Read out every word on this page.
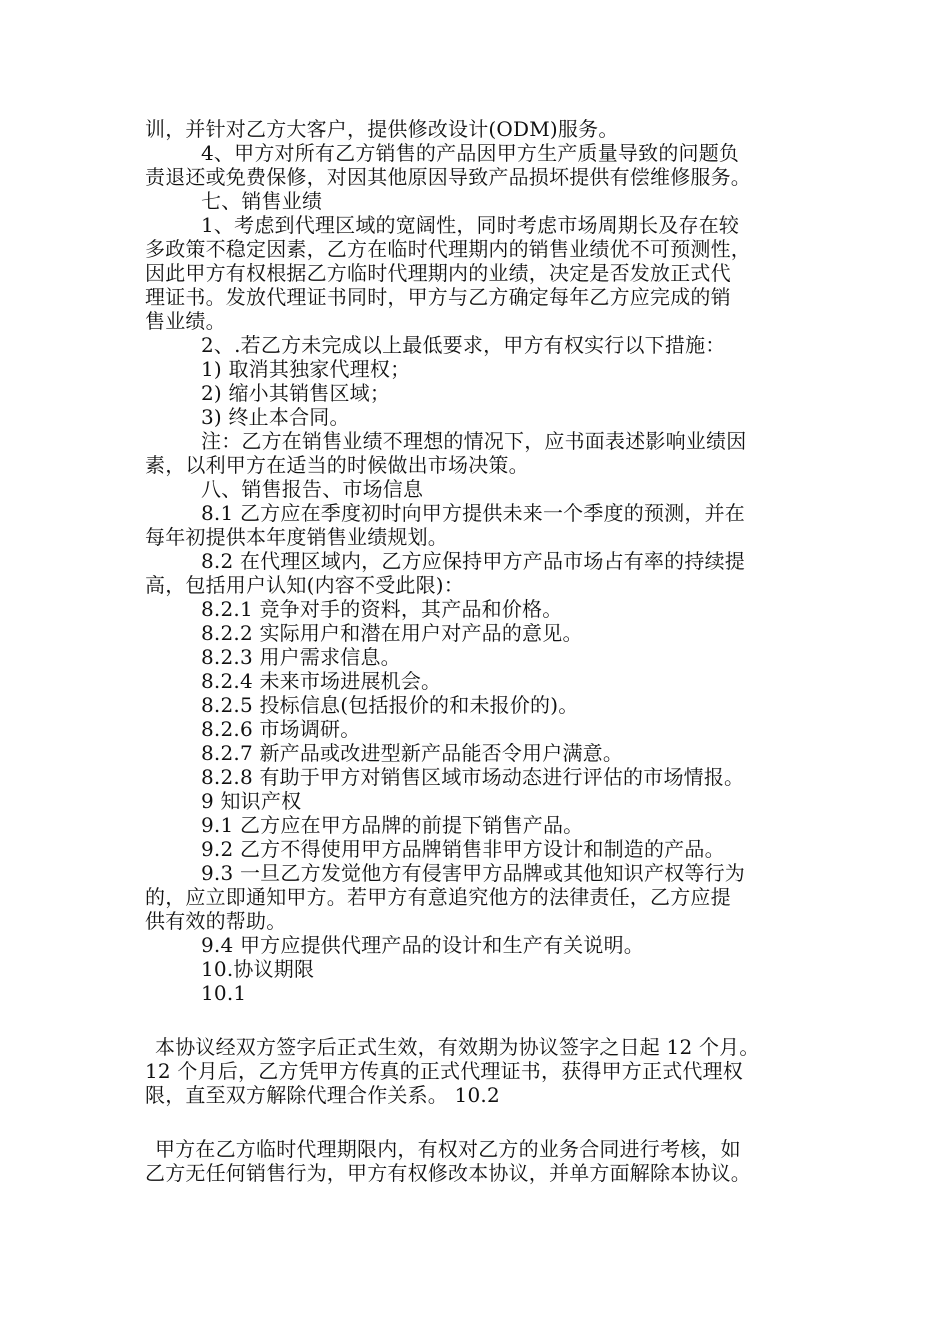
训，并针对乙方大客户，提供修改设计(ODM)服务。

4、甲方对所有乙方销售的产品因甲方生产质量导致的问题负

责退还或免费保修，对因其他原因导致产品损坏提供有偿维修服务。

七、销售业绩

1、考虑到代理区域的宽阔性，同时考虑市场周期长及存在较

多政策不稳定因素，乙方在临时代理期内的销售业绩优不可预测性，

因此甲方有权根据乙方临时代理期内的业绩，决定是否发放正式代

理证书。发放代理证书同时，甲方与乙方确定每年乙方应完成的销

售业绩。

2、.若乙方未完成以上最低要求，甲方有权实行以下措施：

1) 取消其独家代理权；

2) 缩小其销售区域；

3) 终止本合同。

注：乙方在销售业绩不理想的情况下，应书面表述影响业绩因

素，以利甲方在适当的时候做出市场决策。

八、销售报告、市场信息

8.1 乙方应在季度初时向甲方提供未来一个季度的预测，并在

每年初提供本年度销售业绩规划。

8.2 在代理区域内，乙方应保持甲方产品市场占有率的持续提

高，包括用户认知(内容不受此限)：

8.2.1 竞争对手的资料，其产品和价格。

8.2.2 实际用户和潜在用户对产品的意见。

8.2.3 用户需求信息。

8.2.4 未来市场进展机会。

8.2.5 投标信息(包括报价的和未报价的)。

8.2.6 市场调研。

8.2.7 新产品或改进型新产品能否令用户满意。

8.2.8 有助于甲方对销售区域市场动态进行评估的市场情报。

9 知识产权

9.1 乙方应在甲方品牌的前提下销售产品。

9.2 乙方不得使用甲方品牌销售非甲方设计和制造的产品。

9.3 一旦乙方发觉他方有侵害甲方品牌或其他知识产权等行为

的，应立即通知甲方。若甲方有意追究他方的法律责任，乙方应提

供有效的帮助。

9.4 甲方应提供代理产品的设计和生产有关说明。

10.协议期限

10.1

本协议经双方签字后正式生效，有效期为协议签字之日起 12 个月。

12 个月后，乙方凭甲方传真的正式代理证书，获得甲方正式代理权

限，直至双方解除代理合作关系。 10.2

甲方在乙方临时代理期限内，有权对乙方的业务合同进行考核，如

乙方无任何销售行为，甲方有权修改本协议，并单方面解除本协议。
